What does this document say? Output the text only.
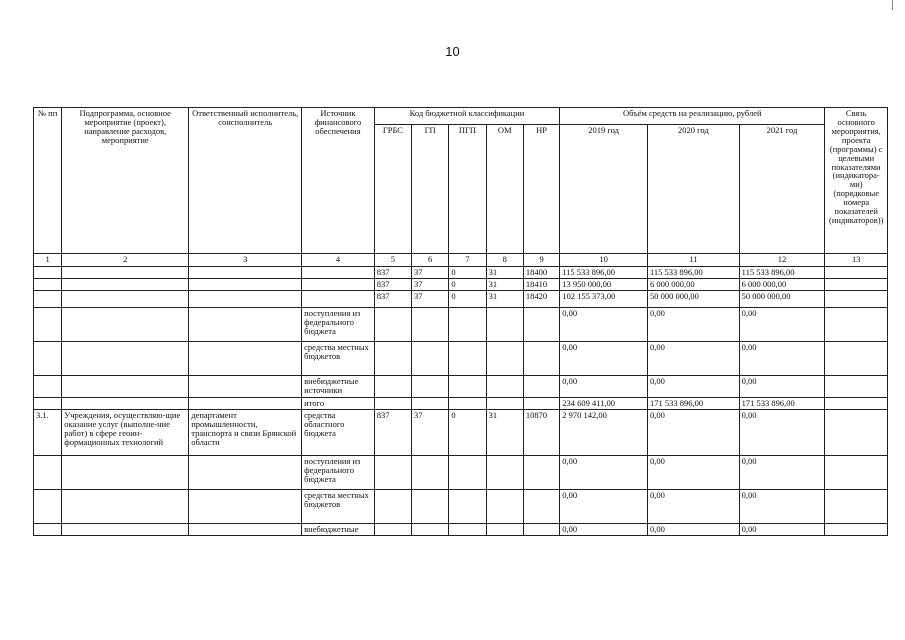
10
№ пп	Подпрограмма, основное мероприятие (проект), направление расходов, мероприятие	Ответственный исполнитель, соисполнитель	Источник финансового обеспечения	Код бюджетной классификации					Объём средств на реализацию, рублей			Связь основного мероприятия, проекта (программы) с целевыми показателями (индикатора-ми) (порядковые номера показателей (индикаторов))
				ГРБС	ГП	ПГП	ОМ	НР	2019 год	2020 год	2021 год	
1	2	3	4	5	6	7	8	9	10	11	12	13
				837	37	0	31	18400	115 533 896,00	115 533 896,00	115 533 896,00	
				837	37	0	31	18410	13 950 000,00	6 000 000,00	6 000 000,00	
				837	37	0	31	18420	102 155 373,00	50 000 000,00	50 000 000,00	
			поступления из федерального бюджета						0,00	0,00	0,00	
			средства местных бюджетов						0,00	0,00	0,00	
			внебюджетные источники						0,00	0,00	0,00	
			итого						234 609 411,00	171 533 896,00	171 533 896,00	
3.1.	Учреждения, осуществляю-щие оказание услуг (выполне-ние работ) в сфере геоин-формационных технологий	департамент промышленности, транспорта и связи Брянской области	средства областного бюджета	837	37	0	31	10870	2 970 142,00	0,00	0,00	
			поступления из федерального бюджета						0,00	0,00	0,00	
			средства местных бюджетов						0,00	0,00	0,00	
			внебюджетные						0,00	0,00	0,00	
